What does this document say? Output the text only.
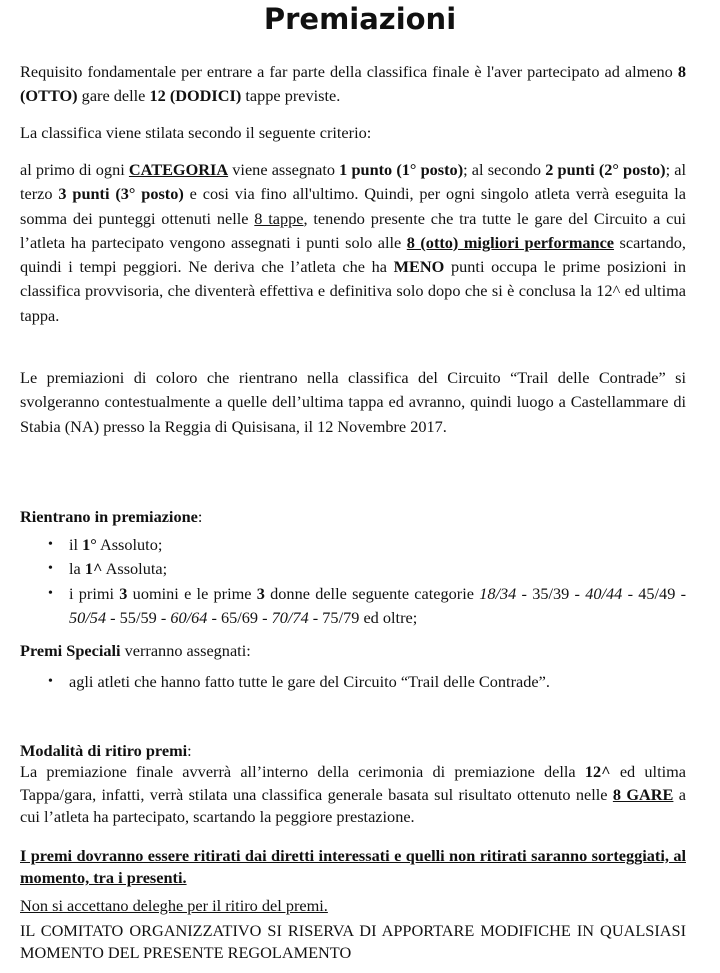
Premiazioni

Requisito fondamentale per entrare a far parte della classifica finale è l'aver partecipato ad almeno 8 (OTTO) gare delle 12 (DODICI) tappe previste.

La classifica viene stilata secondo il seguente criterio:

al primo di ogni CATEGORIA viene assegnato 1 punto (1° posto); al secondo 2 punti (2° posto); al terzo 3 punti (3° posto) e cosi via fino all'ultimo. Quindi, per ogni singolo atleta verrà eseguita la somma dei punteggi ottenuti nelle 8 tappe, tenendo presente che tra tutte le gare del Circuito a cui l’atleta ha partecipato vengono assegnati i punti solo alle 8 (otto) migliori performance scartando, quindi i tempi peggiori. Ne deriva che l’atleta che ha MENO punti occupa le prime posizioni in classifica provvisoria, che diventerà effettiva e definitiva solo dopo che si è conclusa la 12^ ed ultima tappa.

Le premiazioni di coloro che rientrano nella classifica del Circuito “Trail delle Contrade” si svolgeranno contestualmente a quelle dell’ultima tappa ed avranno, quindi luogo a Castellammare di Stabia (NA) presso la Reggia di Quisisana, il 12 Novembre 2017.

Rientrano in premiazione:

• il 1° Assoluto;
• la 1^ Assoluta;
• i primi 3 uomini e le prime 3 donne delle seguente categorie 18/34 - 35/39 - 40/44 - 45/49 - 50/54 - 55/59 - 60/64 - 65/69 - 70/74 - 75/79 ed oltre;

Premi Speciali verranno assegnati:

• agli atleti che hanno fatto tutte le gare del Circuito “Trail delle Contrade”.

Modalità di ritiro premi:

La premiazione finale avverrà all’interno della cerimonia di premiazione della 12^ ed ultima Tappa/gara, infatti, verrà stilata una classifica generale basata sul risultato ottenuto nelle 8 GARE a cui l’atleta ha partecipato, scartando la peggiore prestazione.

I premi dovranno essere ritirati dai diretti interessati e quelli non ritirati saranno sorteggiati, al momento, tra i presenti.

Non si accettano deleghe per il ritiro del premi.

IL COMITATO ORGANIZZATIVO SI RISERVA DI APPORTARE MODIFICHE IN QUALSIASI MOMENTO DEL PRESENTE REGOLAMENTO
